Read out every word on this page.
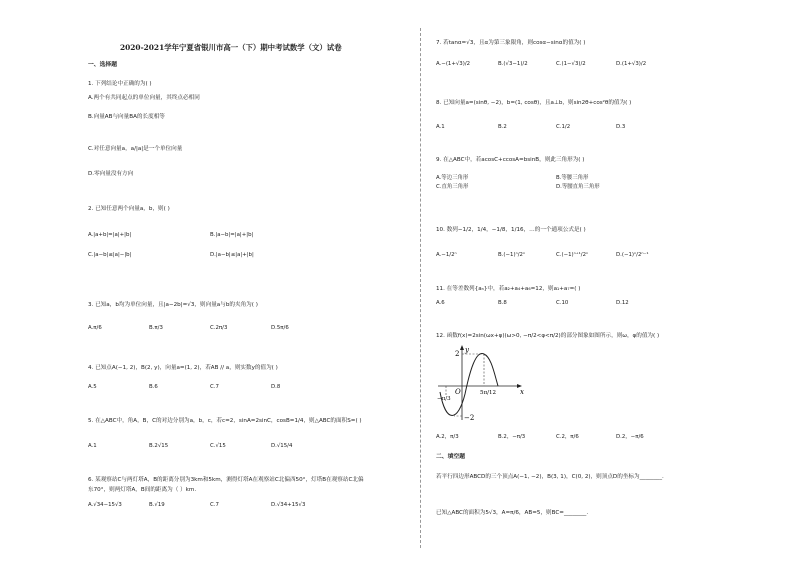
2020-2021学年宁夏省银川市高一（下）期中考试数学（文）试卷
一、选择题
1. 下列结论中正确的为( )
A.两个有共同起点的单位向量，其终点必相同
B.向量AB与向量BA的长度相等
C.对任意向量a，a/|a|是一个单位向量
D.零向量没有方向
2. 已知任意两个向量a，b，则( )
A.|a+b|=|a|+|b|	B.|a−b|=|a|+|b|
C.|a−b|≤|a|−|b|	D.|a−b|≤|a|+|b|
3. 已知a，b均为单位向量，且|a−2b|=√3，则向量a与b的夹角为( )
A.π/6	B.π/3	C.2π/3	D.5π/6
4. 已知点A(−1, 2)，B(2, y)，向量a=(1, 2)，若AB // a，则实数y的值为( )
A.5	B.6	C.7	D.8
5. 在△ABC中，角A，B，C的对边分别为a，b，c，若c=2，sinA=2sinC，cosB=1/4，则△ABC的面积S=( )
A.1	B.2√15	C.√15	D.√15/4
6. 某观察站C与两灯塔A，B的距离分别为3km和5km，测得灯塔A在观察站C北偏西50°，灯塔B在观察站C北偏
东70°，则两灯塔A，B间的距离为（ ）km.
A.√34−15√3	B.√19	C.7	D.√34+15√3
7. 若tanα=√3，且α为第三象限角，则cosα−sinα的值为( )
A.−(1+√3)/2	B.(√3−1)/2	C.(1−√3)/2	D.(1+√3)/2
8. 已知向量a=(sinθ, −2)，b=(1, cosθ)，且a⊥b，则sin2θ+cos²θ的值为( )
A.1	B.2	C.1/2	D.3
9. 在△ABC中，若acosC+ccosA=bsinB，则此三角形为( )
A.等边三角形	B.等腰三角形
C.直角三角形	D.等腰直角三角形
10. 数列−1/2，1/4，−1/8，1/16，…的一个通项公式是( )
A.−1/2ⁿ	B.(−1)ⁿ/2ⁿ	C.(−1)ⁿ⁺¹/2ⁿ	D.(−1)ⁿ/2ⁿ⁻¹
11. 在等差数列{aₙ}中，若a₂+a₄+a₆=12，则a₁+a₇=( )
A.6	B.8	C.10	D.12
12. 函数f(x)=2sin(ωx+φ)(ω>0, −π/2<φ<π/2)的部分图象如图所示，则ω，φ的值为( )
y
x
O
2
−2
−π/3
5π/12
A.2，π/3	B.2，−π/3	C.2，π/6	D.2，−π/6
二、填空题
若平行四边形ABCD的三个顶点A(−1, −2)，B(3, 1)，C(0, 2)，则顶点D的坐标为________.
已知△ABC的面积为5√3，A=π/6，AB=5，则BC=________.
